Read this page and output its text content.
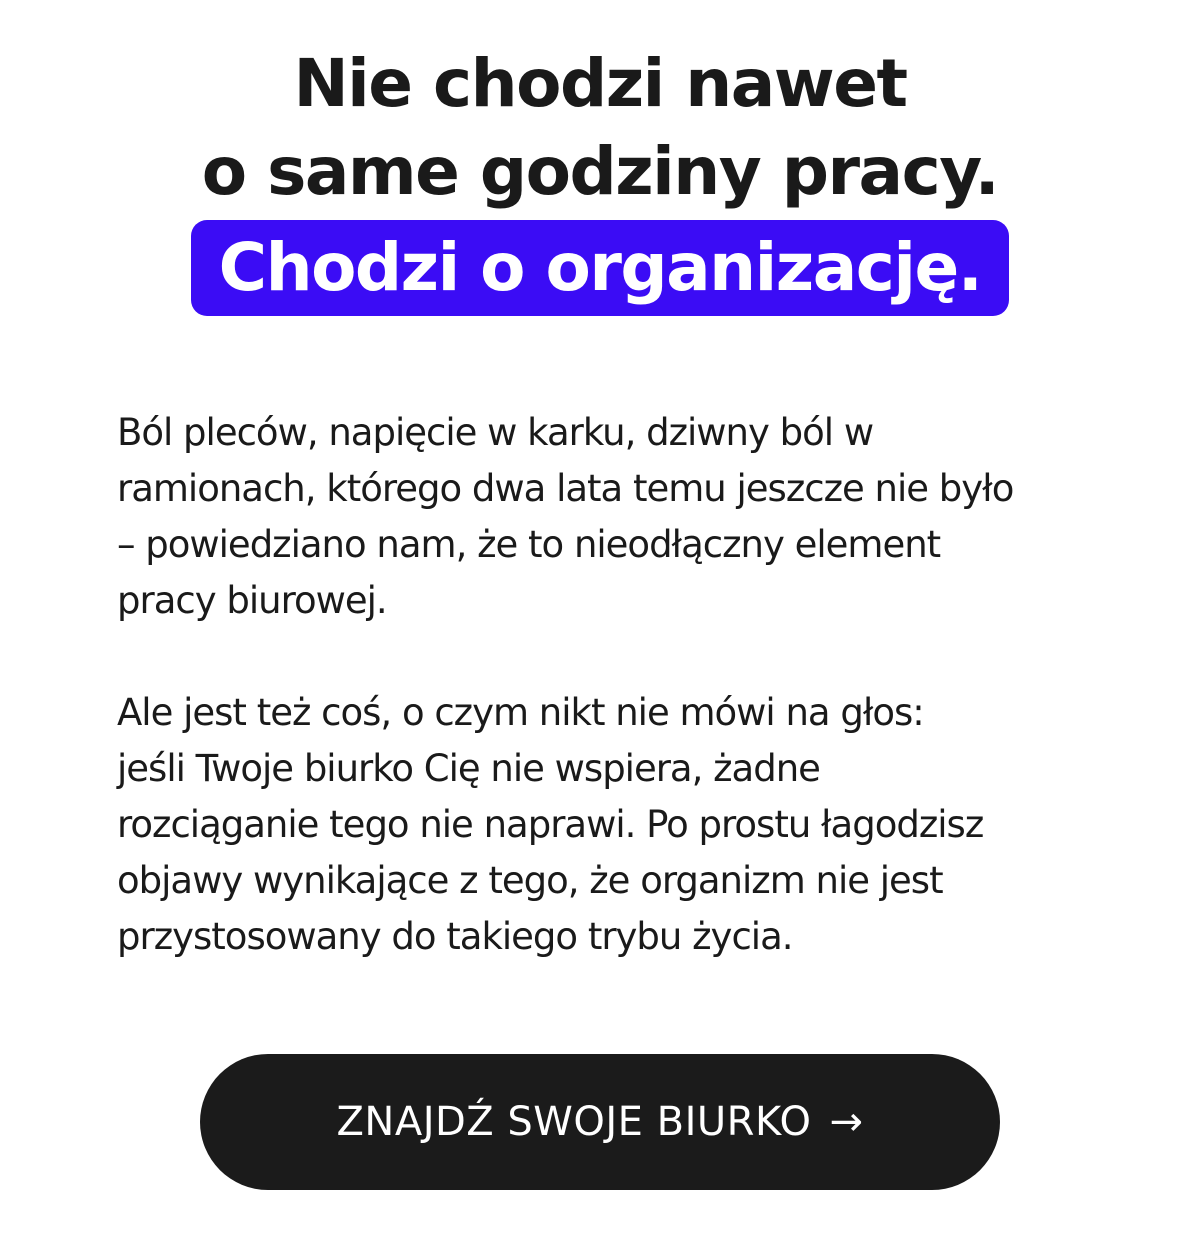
Nie chodzi nawet
o same godziny pracy.
Chodzi o organizację.

Ból pleców, napięcie w karku, dziwny ból w
ramionach, którego dwa lata temu jeszcze nie było
– powiedziano nam, że to nieodłączny element
pracy biurowej.

Ale jest też coś, o czym nikt nie mówi na głos:
jeśli Twoje biurko Cię nie wspiera, żadne
rozciąganie tego nie naprawi. Po prostu łagodzisz
objawy wynikające z tego, że organizm nie jest
przystosowany do takiego trybu życia.

ZNAJDŹ SWOJE BIURKO →
